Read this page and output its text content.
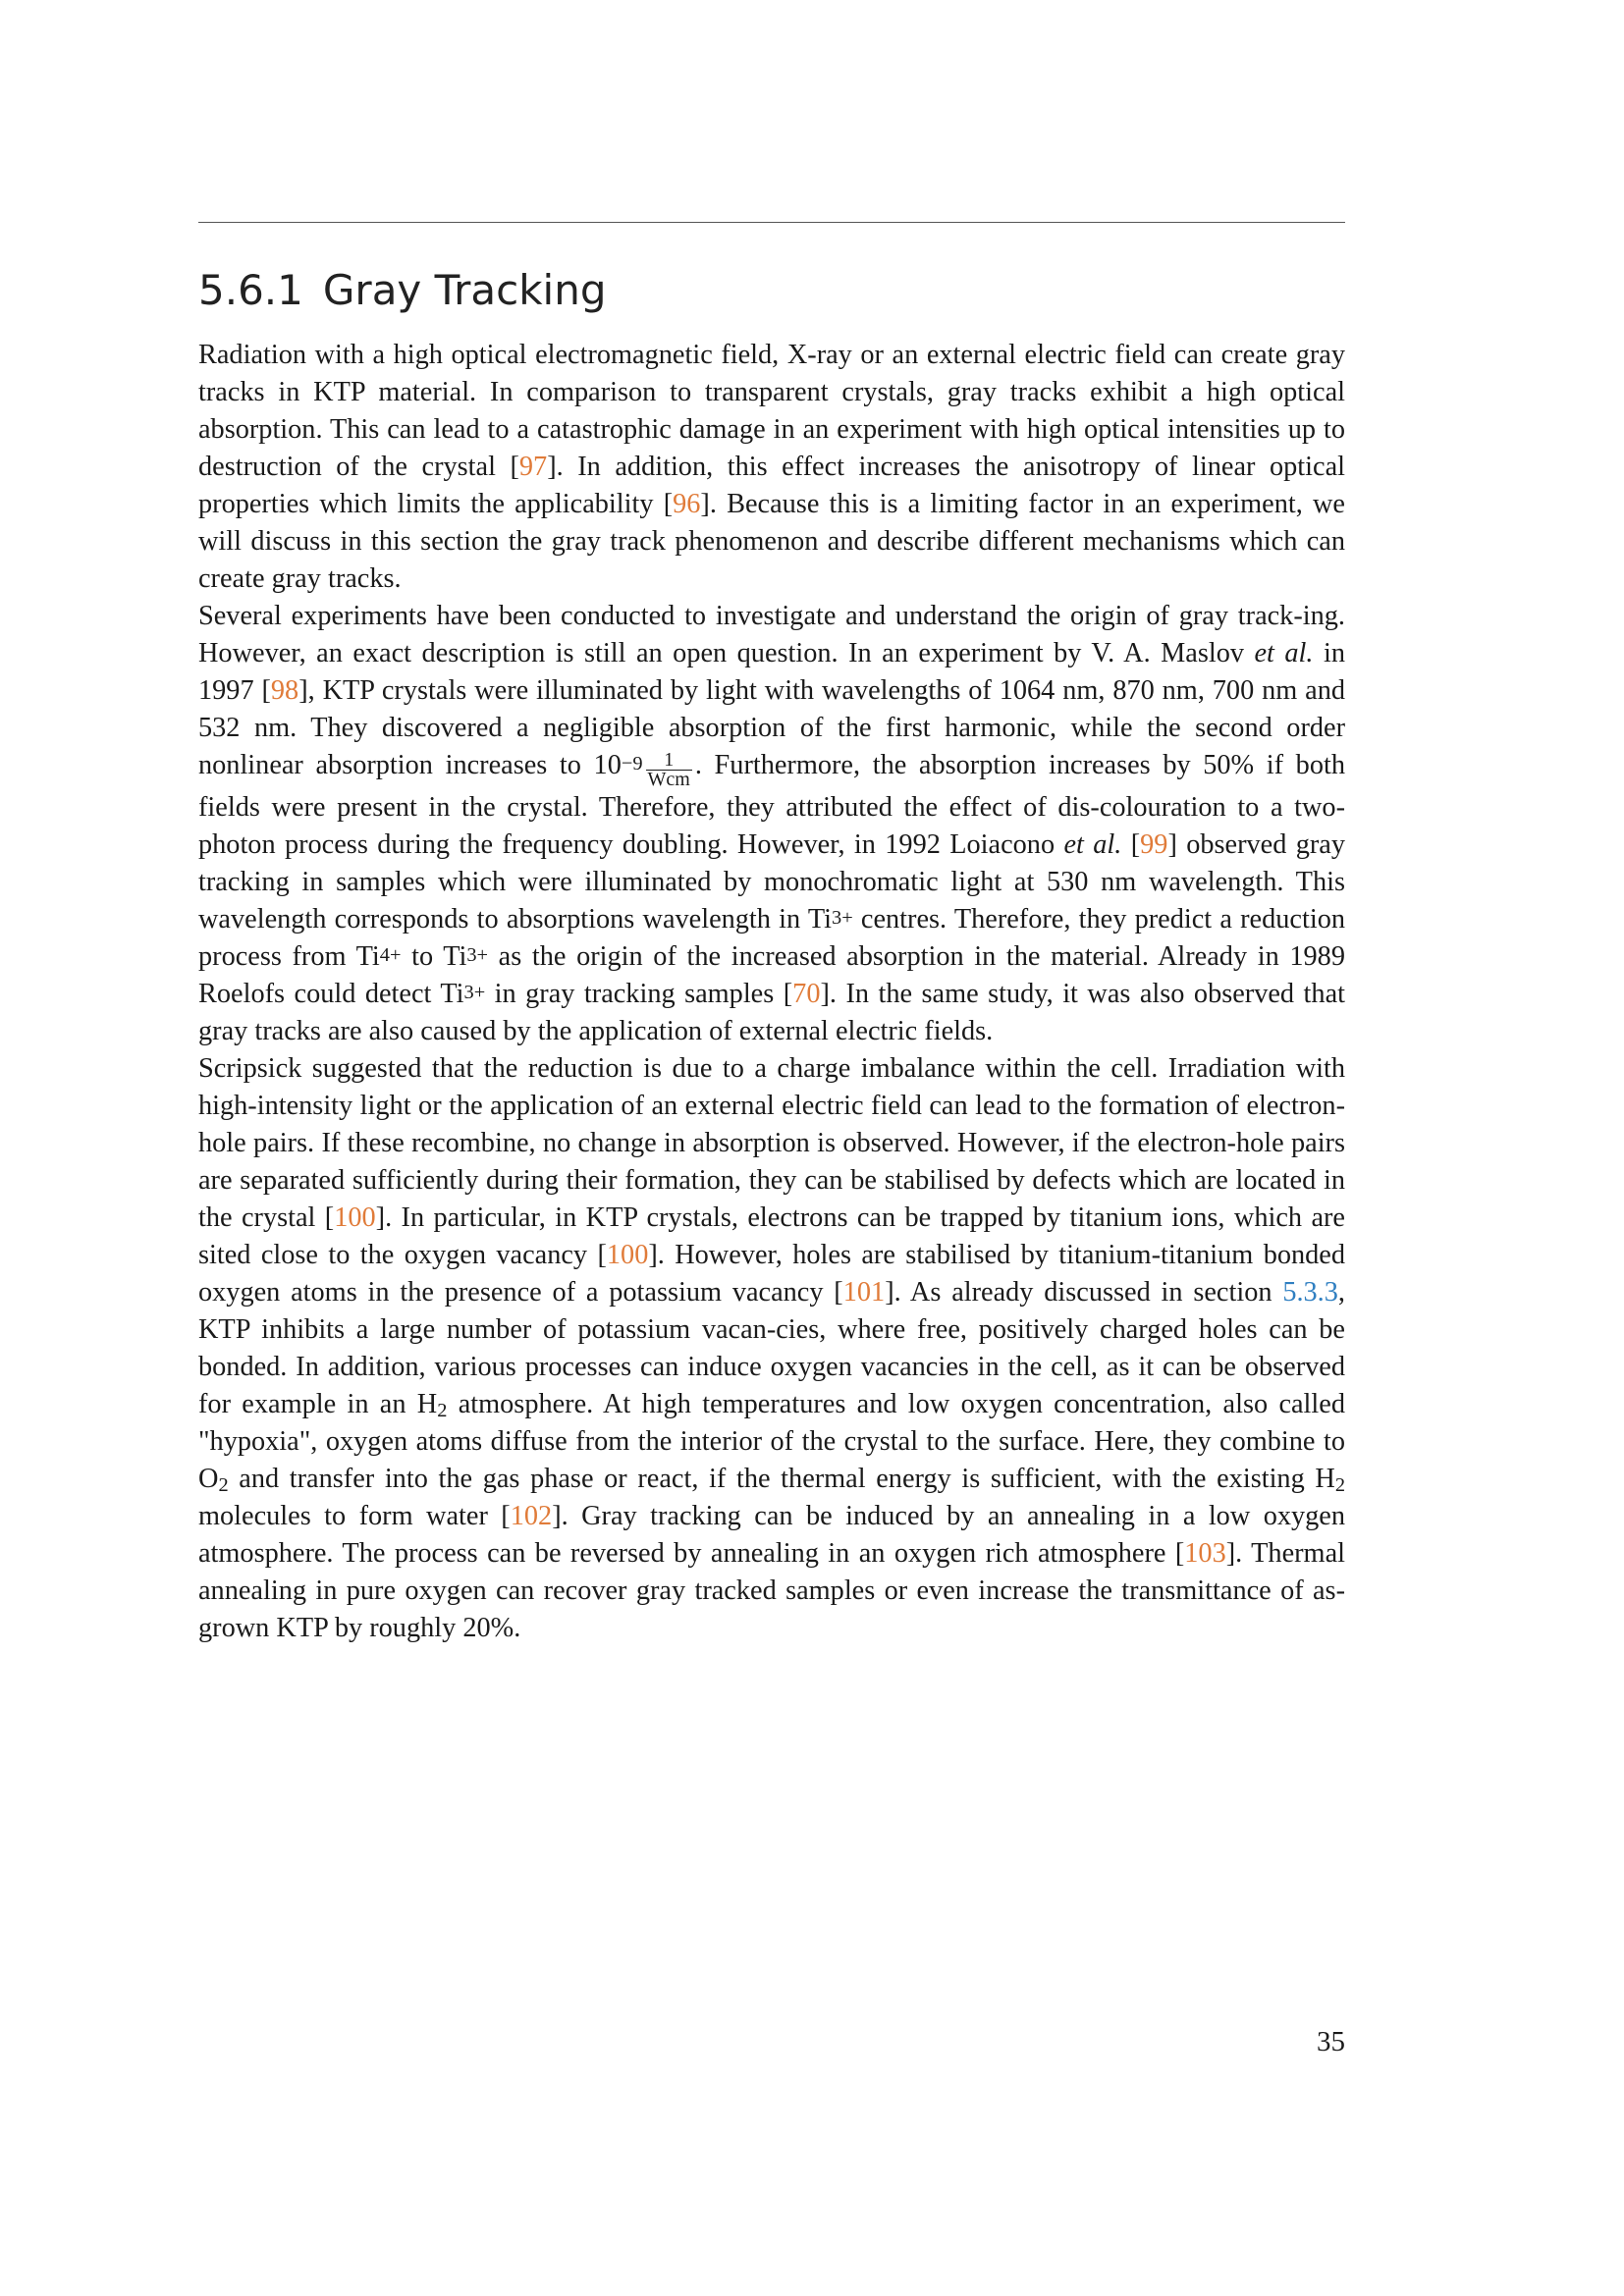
5.6.1 Gray Tracking

Radiation with a high optical electromagnetic field, X-ray or an external electric field can create gray tracks in KTP material. In comparison to transparent crystals, gray tracks exhibit a high optical absorption. This can lead to a catastrophic damage in an experiment with high optical intensities up to destruction of the crystal [97]. In addition, this effect increases the anisotropy of linear optical properties which limits the applicability [96]. Because this is a limiting factor in an experiment, we will discuss in this section the gray track phenomenon and describe different mechanisms which can create gray tracks.

Several experiments have been conducted to investigate and understand the origin of gray track-ing. However, an exact description is still an open question. In an experiment by V. A. Maslov et al. in 1997 [98], KTP crystals were illuminated by light with wavelengths of 1064 nm, 870 nm, 700 nm and 532 nm. They discovered a negligible absorption of the first harmonic, while the second order nonlinear absorption increases to $10^{-9} \frac{1}{\text{Wcm}}$ . Furthermore, the absorption increases by 50% if both fields were present in the crystal. Therefore, they attributed the effect of dis-colouration to a two-photon process during the frequency doubling. However, in 1992 Loiacono et al. [99] observed gray tracking in samples which were illuminated by monochromatic light at 530 nm wavelength. This wavelength corresponds to absorptions wavelength in $Ti^{3+}$ centres. Therefore, they predict a reduction process from $Ti^{4+}$ to $Ti^{3+}$ as the origin of the increased absorption in the material. Already in 1989 Roelofs could detect $Ti^{3+}$ in gray tracking samples [70]. In the same study, it was also observed that gray tracks are also caused by the application of external electric fields.

Scripsick suggested that the reduction is due to a charge imbalance within the cell. Irradiation with high-intensity light or the application of an external electric field can lead to the formation of electron-hole pairs. If these recombine, no change in absorption is observed. However, if the electron-hole pairs are separated sufficiently during their formation, they can be stabilised by defects which are located in the crystal [100]. In particular, in KTP crystals, electrons can be trapped by titanium ions, which are sited close to the oxygen vacancy [100]. However, holes are stabilised by titanium-titanium bonded oxygen atoms in the presence of a potassium vacancy [101]. As already discussed in section 5.3.3, KTP inhibits a large number of potassium vacan-cies, where free, positively charged holes can be bonded. In addition, various processes can induce oxygen vacancies in the cell, as it can be observed for example in an $H_2$ atmosphere. At high temperatures and low oxygen concentration, also called "hypoxia", oxygen atoms diffuse from the interior of the crystal to the surface. Here, they combine to $O_2$ and transfer into the gas phase or react, if the thermal energy is sufficient, with the existing $H_2$ molecules to form water [102]. Gray tracking can be induced by an annealing in a low oxygen atmosphere. The process can be reversed by annealing in an oxygen rich atmosphere [103]. Thermal annealing in pure oxygen can recover gray tracked samples or even increase the transmittance of as-grown KTP by roughly 20%.

35
